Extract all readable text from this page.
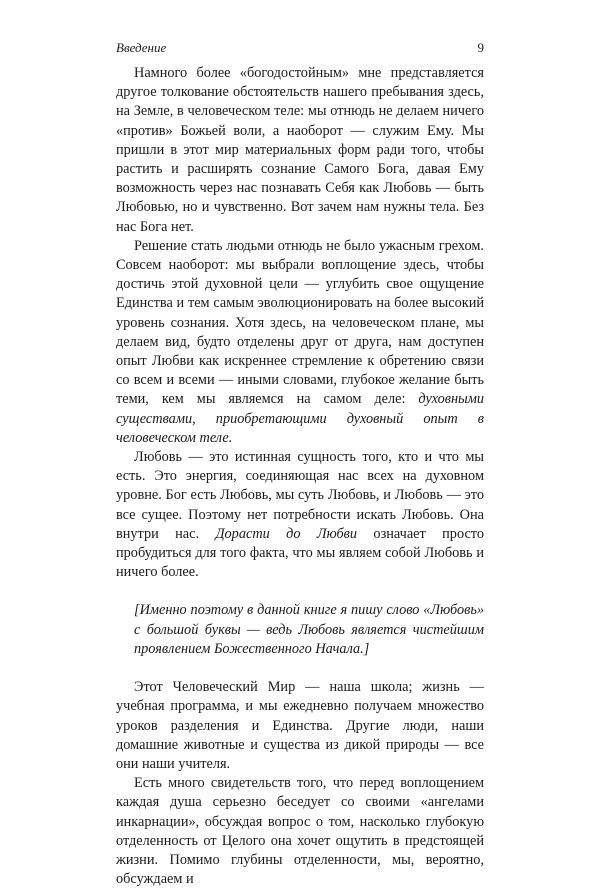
Введение	9

Намного более «богодостойным» мне представляется другое толкование обстоятельств нашего пребывания здесь, на Земле, в человеческом теле: мы отнюдь не делаем ничего «против» Божьей воли, а наоборот — служим Ему. Мы пришли в этот мир материальных форм ради того, чтобы растить и расширять сознание Самого Бога, давая Ему возможность через нас познавать Себя как Любовь — быть Любовью, но и чувственно. Вот зачем нам нужны тела. Без нас Бога нет.

Решение стать людьми отнюдь не было ужасным грехом. Совсем наоборот: мы выбрали воплощение здесь, чтобы достичь этой духовной цели — углубить свое ощущение Единства и тем самым эволюционировать на более высокий уровень сознания. Хотя здесь, на человеческом плане, мы делаем вид, будто отделены друг от друга, нам доступен опыт Любви как искреннее стремление к обретению связи со всем и всеми — иными словами, глубокое желание быть теми, кем мы являемся на самом деле: духовными существами, приобретающими духовный опыт в человеческом теле.

Любовь — это истинная сущность того, кто и что мы есть. Это энергия, соединяющая нас всех на духовном уровне. Бог есть Любовь, мы суть Любовь, и Любовь — это все сущее. Поэтому нет потребности искать Любовь. Она внутри нас. Дорасти до Любви означает просто пробудиться для того факта, что мы являем собой Любовь и ничего более.

[Именно поэтому в данной книге я пишу слово «Любовь» с большой буквы — ведь Любовь является чистейшим проявлением Божественного Начала.]

Этот Человеческий Мир — наша школа; жизнь — учебная программа, и мы ежедневно получаем множество уроков разделения и Единства. Другие люди, наши домашние животные и существа из дикой природы — все они наши учителя.

Есть много свидетельств того, что перед воплощением каждая душа серьезно беседует со своими «ангелами инкарнации», обсуждая вопрос о том, насколько глубокую отделенность от Целого она хочет ощутить в предстоящей жизни. Помимо глубины отделенности, мы, вероятно, обсуждаем и
